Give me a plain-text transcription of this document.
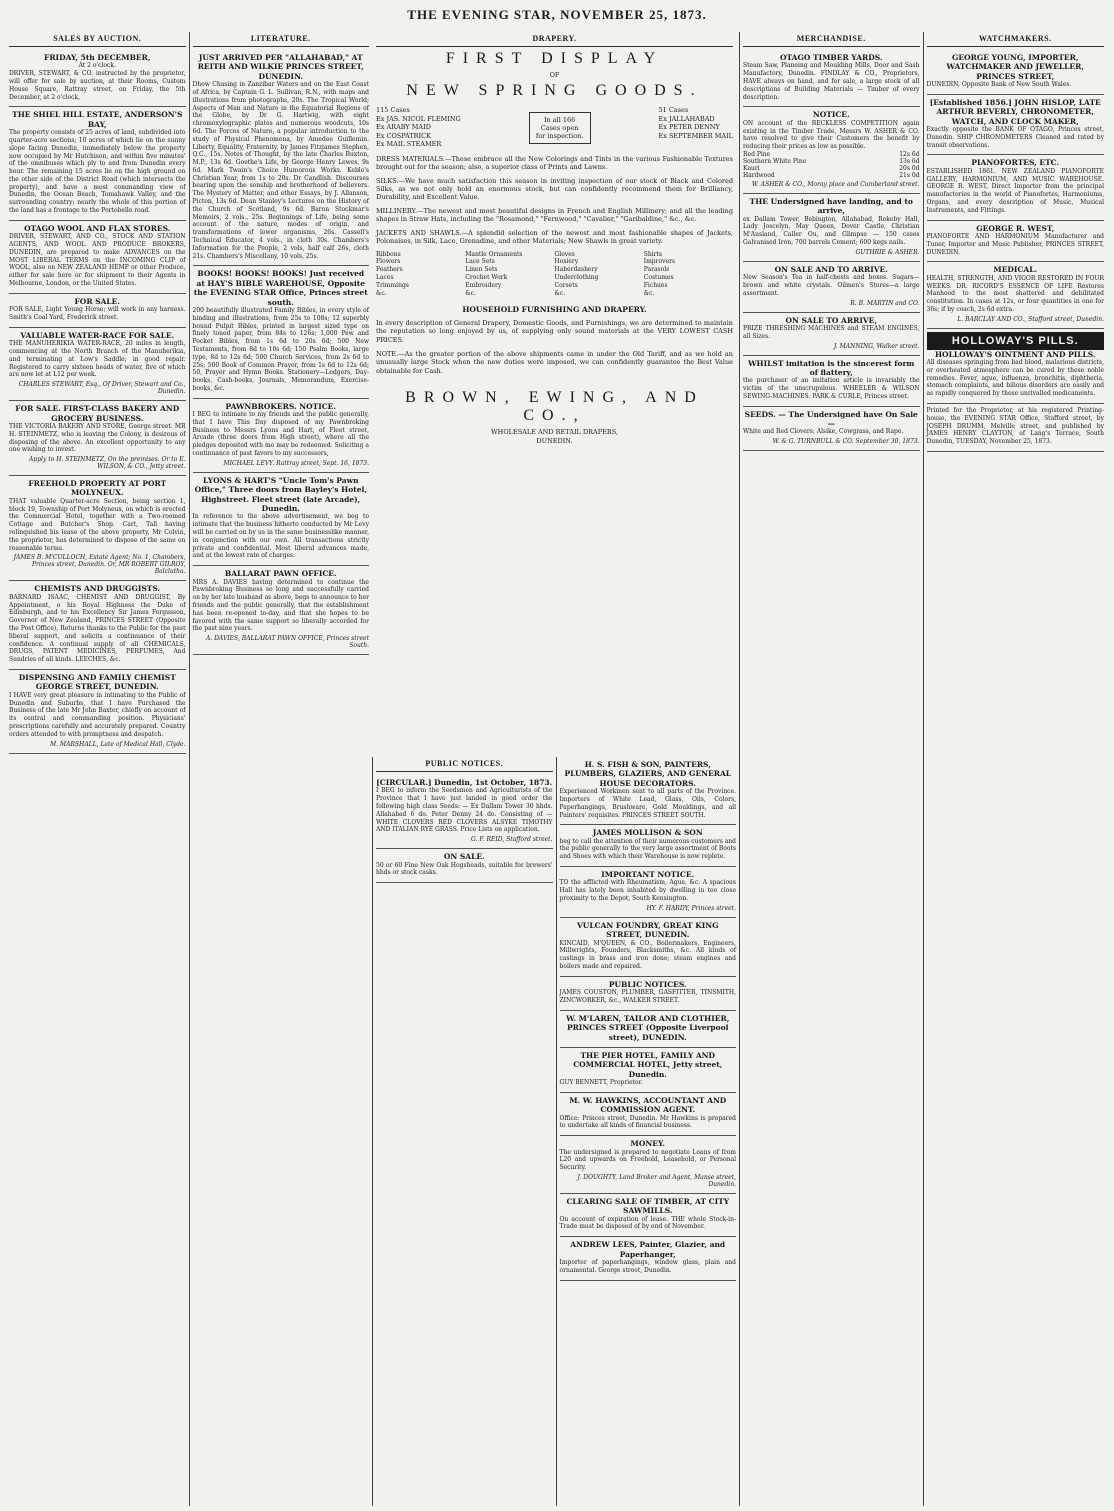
THE EVENING STAR, NOVEMBER 25, 1873.
SALES BY AUCTION.
FRIDAY, 5th DECEMBER,
At 2 o'clock.
DRIVER, STEWART, & CO. instructed by the proprietor, will offer for sale by auction, at their Rooms, Custom House Square, Rattray street, on Friday, the 5th December, at 2 o'clock,
THE SHIEL HILL ESTATE, ANDERSON'S BAY,
The property consists of 25 acres of land, subdivided into quarter-acre sections; 10 acres of which lie on the sunny slope facing Dunedin, immediately below the property now occupied by Mr Hutchison, and within five minutes' of the omnibuses which ply to and from Dunedin every hour. The remaining 15 acres lie on the high ground on the other side of the District Road (which intersects the property), and have a most commanding view of Dunedin, the Ocean Beach, Tomahawk Valley, and the surrounding country; nearly the whole of this portion of the land has a frontage to the Portobello road.
OTAGO WOOL AND FLAX STORES.
DRIVER, STEWART, AND CO., STOCK AND STATION AGENTS, AND WOOL AND PRODUCE BROKERS, DUNEDIN, are prepared to make ADVANCES on the MOST LIBERAL TERMS on the INCOMING CLIP of WOOL, also on NEW ZEALAND HEMP or other Produce, either for sale here or for shipment to their Agents in Melbourne, London, or the United States.
FOR SALE.
FOR SALE, Light Young Horse; will work in any harness. Smith's Coal Yard, Frederick street.
VALUABLE WATER-RACE FOR SALE.
THE MANUHERIKIA WATER-RACE, 20 miles in length, commencing at the North Branch of the Manuherikia, and terminating at Low's Saddle; in good repair. Registered to carry sixteen heads of water, five of which are now let at L12 per week.
CHARLES STEWART, Esq., Of Driver, Stewart and Co., Dunedin.
FOR SALE. FIRST-CLASS BAKERY AND GROCERY BUSINESS.
THE VICTORIA BAKERY AND STORE, George street. MR H. STEINMETZ, who is leaving the Colony, is desirous of disposing of the above. An excellent opportunity to any one wishing to invest.
Apply to H. STEINMETZ, On the premises. Or to E. WILSON, & CO., Jetty street.
FREEHOLD PROPERTY AT PORT MOLYNEUX.
THAT valuable Quarter-acre Section, being section 1, block 19, Township of Port Molyneux, on which is erected the Commercial Hotel, together with a Two-roomed Cottage and Butcher's Shop. Cart, Tall having relinquished his lease of the above property, Mr Colvin, the proprietor, has determined to dispose of the same on reasonable terms.
JAMES B. M'CULLOCH, Estate Agent; No. 1, Chambers, Princes street, Dunedin. Or, MR ROBERT GILROY, Balclutha.
CHEMISTS AND DRUGGISTS.
BARNARD ISAAC, CHEMIST AND DRUGGIST, By Appointment, o his Royal Highness the Duke of Edinburgh, and to his Excellency Sir James Fergusson, Governor of New Zealand, PRINCES STREET (Opposite the Post Office), Returns thanks to the Public for the past liberal support, and solicits a continuance of their confidence. A continual supply of all CHEMICALS, DRUGS, PATENT MEDICINES, PERFUMES, And Sundries of all kinds. LEECHES, &c.
DISPENSING AND FAMILY CHEMIST GEORGE STREET, DUNEDIN.
I HAVE very great pleasure in intimating to the Public of Dunedin and Suburbs, that I have Purchased the Business of the late Mr John Baxter, chiefly on account of its central and commanding position. Physicians' prescriptions carefully and accurately prepared. Country orders attended to with promptness and despatch.
M. MARSHALL, Late of Medical Hall, Clyde.
LITERATURE.
JUST ARRIVED PER "ALLAHABAD," AT REITH AND WILKIE PRINCES STREET, DUNEDIN.
Dhow Chasing in Zanzibar Waters and on the East Coast of Africa, by Captain G. L. Sullivan, R.N., with maps and illustrations from photographs, 20s. The Tropical World; Aspects of Man and Nature in the Equatorial Regions of the Globe, by Dr G. Hartwig, with eight chromoxylographic plates and numerous woodcuts, 10s 6d. The Forces of Nature, a popular introduction to the study of Physical Phenomena, by Amedee Guillemin. Liberty, Equality, Fraternity, by James Fitzjames Stephen, Q.C., 15s. Notes of Thought, by the late Charles Buxton, M.P., 13s 6d. Goethe's Life, by George Henry Lewes, 9s 6d. Mark Twain's Choice Humorous Works. Keble's Christian Year, from 1s to 20s. Dr Candlish. Discourses bearing upon the sonship and brotherhood of believers. The Mystery of Matter, and other Essays, by J. Allanson, Picton, 13s 6d. Dean Stanley's Lectures on the History of the Church of Scotland, 9s 6d. Baron Stockmar's Memoirs, 2 vols., 25s. Beginnings of Life, being some account of the nature, modes of origin, and transformations of lower organisms, 26s. Cassell's Technical Educator, 4 vols., in cloth 30s. Chambers's Information for the People, 2 vols, half calf 26s, cloth 21s. Chambers's Miscellany, 10 vols, 25s.
BOOKS! BOOKS! BOOKS! Just received at HAY'S BIBLE WAREHOUSE, Opposite the EVENING STAR Office, Princes street south.
200 beautifully illustrated Family Bibles, in every style of binding and illustrations, from 25s to 108s; 12 superbly bound Pulpit Bibles, printed in largest sized type on finely toned paper, from 84s to 126s; 1,000 Pew and Pocket Bibles, from 1s 6d to 20s 6d; 500 New Testaments, from 8d to 10s 6d; 150 Psalm Books, large type, 8d to 12s 6d; 500 Church Services, from 2s 6d to 25s; 500 Book of Common Prayer, from 1s 6d to 12s 6d; 50, Prayer and Hymn Books. Stationery—Ledgers, Day-books, Cash-books, Journals, Memorandum, Exercise-books, &c.
PAWNBROKERS. NOTICE.
I BEG to intimate to my friends and the public generally, that I have This Day disposed of my Pawnbroking Business to Messrs Lyons and Hart, of Fleet street, Arcade (three doors from High street), where all the pledges deposited with me may be redeemed. Soliciting a continuance of past favors to my successors,
MICHAEL LEVY. Rattray street, Sept. 16, 1873.
LYONS & HART'S "Uncle Tom's Pawn Office," Three doors from Bayley's Hotel, Highstreet. Fleet street (late Arcade), Dunedin.
In reference to the above advertisement, we beg to intimate that the business hitherto conducted by Mr Levy will be carried on by us in the same businesslike manner, in conjunction with our own. All transactions strictly private and confidential. Most liberal advances made, and at the lowest rate of charges.
BALLARAT PAWN OFFICE.
MRS A. DAVIES having determined to continue the Pawnbroking Business so long and successfully carried on by her late husband as above, begs to announce to her friends and the public generally, that the establishment has been re-opened to-day, and that she hopes to be favored with the same support so liberally accorded for the past nine years.
A. DAVIES, BALLARAT PAWN OFFICE, Princes street South.
PUBLIC NOTICES.
[CIRCULAR.] Dunedin, 1st October, 1873.
I BEG to inform the Seedsmen and Agriculturists of the Province that I have just landed in good order the following high class Seeds: — Ex Dallam Tower 30 hhds. Allahabad 6 do. Peter Denny 24 do. Consisting of — WHITE CLOVERS RED CLOVERS ALSYKE TIMOTHY AND ITALIAN RYE GRASS. Price Lists on application.
G. F. REID, Stafford street.
ON SALE.
50 or 60 Fine New Oak Hogsheads, suitable for brewers' hhds or stock casks.
H. S. FISH & SON, PAINTERS, PLUMBERS, GLAZIERS, AND GENERAL HOUSE DECORATORS.
Experienced Workmen sent to all parts of the Province. Importers of White Lead, Glass, Oils, Colors, Paperhangings, Brushware, Gold Mouldings, and all Painters' requisites. PRINCES STREET SOUTH.
JAMES MOLLISON & SON
beg to call the attention of their numerous customers and the public generally to the very large assortment of Boots and Shoes with which their Warehouse is now replete.
IMPORTANT NOTICE.
TO the afflicted with Rheumatism, Ague, &c. A spacious Hall has lately been inhabited by dwelling in too close proximity to the Depot, South Kensington.
HY. F. HARDY, Princes street.
VULCAN FOUNDRY, GREAT KING STREET, DUNEDIN.
KINCAID, M'QUEEN, & CO., Boilermakers, Engineers, Millwrights, Founders, Blacksmiths, &c. All kinds of castings in brass and iron done; steam engines and boilers made and repaired.
PUBLIC NOTICES.
JAMES COUSTON, PLUMBER, GASFITTER, TINSMITH, ZINCWORKER, &c., WALKER STREET.
W. M'LAREN, TAILOR AND CLOTHIER, PRINCES STREET (Opposite Liverpool street), DUNEDIN.
THE PIER HOTEL, FAMILY AND COMMERCIAL HOTEL, Jetty street, Dunedin.
GUY BENNETT, Proprietor.
M. W. HAWKINS, ACCOUNTANT AND COMMISSION AGENT.
Office: Princes street, Dunedin. Mr Hawkins is prepared to undertake all kinds of financial business.
MONEY.
The undersigned is prepared to negotiate Loans of from L20 and upwards on Freehold, Leasehold, or Personal Security.
J. DOUGHTY, Land Broker and Agent, Manse street, Dunedin.
CLEARING SALE OF TIMBER, AT CITY SAWMILLS.
On account of expiration of lease. THE whole Stock-in-Trade must be disposed of by end of November.
ANDREW LEES, Painter, Glazier, and Paperhanger,
Importer of paperhangings, window glass, plain and ornamental. George street, Dunedin.
MERCHANDISE.
OTAGO TIMBER YARDS.
Steam Saw, Planeing and Moulding Mills, Door and Sash Manufactory, Dunedin. FINDLAY & CO., Proprietors, HAVE always on hand, and for sale, a large stock of all descriptions of Building Materials — Timber of every description.
NOTICE.
ON account of the RECKLESS COMPETITION again existing in the Timber Trade, Messrs W. ASHER & CO. have resolved to give their Customers the benefit by reducing their prices as low as possible.
Red Pine	12s 6d
Southern White Pine	13s 6d
Kauri	20s 0d
Hardwood	21s 0d
W. ASHER & CO., Moray place and Cumberland street.
THE Undersigned have landing, and to arrive,
ex Dallam Tower, Bebington, Allahabad, Rokeby Hall, Lady Joscelyn, May Queen, Dover Castle, Christian M'Ausland, Caller Ou, and Glimpse — 150 cases Galvanised Iron; 700 barrels Cement; 600 kegs nails.
GUTHRIE & ASHER.
ON SALE AND TO ARRIVE.
New Season's Tea in half-chests and boxes. Sugars—brown and white crystals. Oilmen's Stores—a large assortment.
R. B. MARTIN and CO.
ON SALE TO ARRIVE,
PRIZE THRESHING MACHINES and STEAM ENGINES, all Sizes.
J. MANNING, Walker street.
WHILST imitation is the sincerest form of flattery,
the purchaser of an imitation article is invariably the victim of the unscrupulous. WHEELER & WILSON SEWING-MACHINES. PARK & CURLE, Princes street.
SEEDS. — The Undersigned have On Sale—
White and Red Clovers; Alsike, Cowgrass, and Rape.
W. & G. TURNBULL & CO. September 30, 1873.
WATCHMAKERS.
GEORGE YOUNG, IMPORTER, WATCHMAKER AND JEWELLER, PRINCES STREET,
DUNEDIN, Opposite Bank of New South Wales.
[Established 1856.] JOHN HISLOP, LATE ARTHUR BEVERLY, CHRONOMETER, WATCH, AND CLOCK MAKER,
Exactly opposite the BANK OF OTAGO, Princes street, Dunedin. SHIP CHRONOMETERS Cleaned and rated by transit observations.
PIANOFORTES, ETC.
ESTABLISHED 1861. NEW ZEALAND PIANOFORTE GALLERY, HARMONIUM, AND MUSIC WAREHOUSE. GEORGE R. WEST, Direct Importer from the principal manufactories in the world of Pianofortes, Harmoniums, Organs, and every description of Music, Musical Instruments, and Fittings.
GEORGE R. WEST,
PIANOFORTE AND HARMONIUM Manufacturer and Tuner, Importer and Music Publisher, PRINCES STREET, DUNEDIN.
MEDICAL.
HEALTH, STRENGTH, AND VIGOR RESTORED IN FOUR WEEKS. DR. RICORD'S ESSENCE OF LIFE Restores Manhood to the most shattered and debilitated constitution. In cases at 12s, or four quantities in one for 36s; if by coach, 2s 6d extra.
L. BARCLAY AND CO., Stafford street, Dunedin.
HOLLOWAY'S PILLS.
HOLLOWAY'S OINTMENT AND PILLS.
All diseases springing from bad blood, malarious districts, or overheated atmosphere can be cured by these noble remedies. Fever, ague, influenza, bronchitis, diphtheria, stomach complaints, and bilious disorders are easily and as rapidly conquered by these unrivalled medicaments.
Printed for the Proprietor, at his registered Printing-house, the EVENING STAR Office, Stafford street, by JOSEPH DRUMM, Melville street, and published by JAMES HENRY CLAYTON, of Lang's Terrace, South Dunedin, TUESDAY, November 25, 1873.
DRAPERY.
FIRST DISPLAY
OF
NEW SPRING GOODS.
115 Cases
Ex JAS. NICOL FLEMING
Ex ARABY MAID
Ex COSPATRICK
Ex MAIL STEAMER
In all 166 Cases open for inspection.
51 Cases
Ex JALLAHABAD
Ex PETER DENNY
Ex SEPTEMBER MAIL
DRESS MATERIALS.—These embrace all the New Colorings and Tints in the various Fashionable Textures brought out for the season; also, a superior class of Prints and Lawns.
SILKS.—We have much satisfaction this season in inviting inspection of our stock of Black and Colored Silks, as we not only hold an enormous stock, but can confidently recommend them for Brilliancy, Durability, and Excellent Value.
MILLINERY.—The newest and most beautiful designs in French and English Millinery; and all the leading shapes in Straw Hats, including the "Rosamond," "Fernwood," "Cavalier," "Garibaldine," &c., &c.
JACKETS AND SHAWLS.—A splendid selection of the newest and most fashionable shapes of Jackets, Polonaises, in Silk, Lace, Grenadine, and other Materials; New Shawls in great variety.
Ribbons	Mantle Ornaments	Gloves	Shirts
Flowers	Lace Sets	Hosiery	Improvers
Feathers	Linen Sets	Haberdashery	Parasols
Laces	Crochet Work	Underclothing	Costumes
Trimmings	Embroidery	Corsets	Fichues
&c.	&c.	&c.	&c.
HOUSEHOLD FURNISHING AND DRAPERY.
In every description of General Drapery, Domestic Goods, and Furnishings, we are determined to maintain the reputation so long enjoyed by us, of supplying only sound materials at the VERY LOWEST CASH PRICES.
NOTE.—As the greater portion of the above shipments came in under the Old Tariff, and as we hold an unusually large Stock when the new duties were imposed, we can confidently guarantee the Best Value obtainable for Cash.
BROWN, EWING, AND CO.,
WHOLESALE AND RETAIL DRAPERS,
DUNEDIN.
